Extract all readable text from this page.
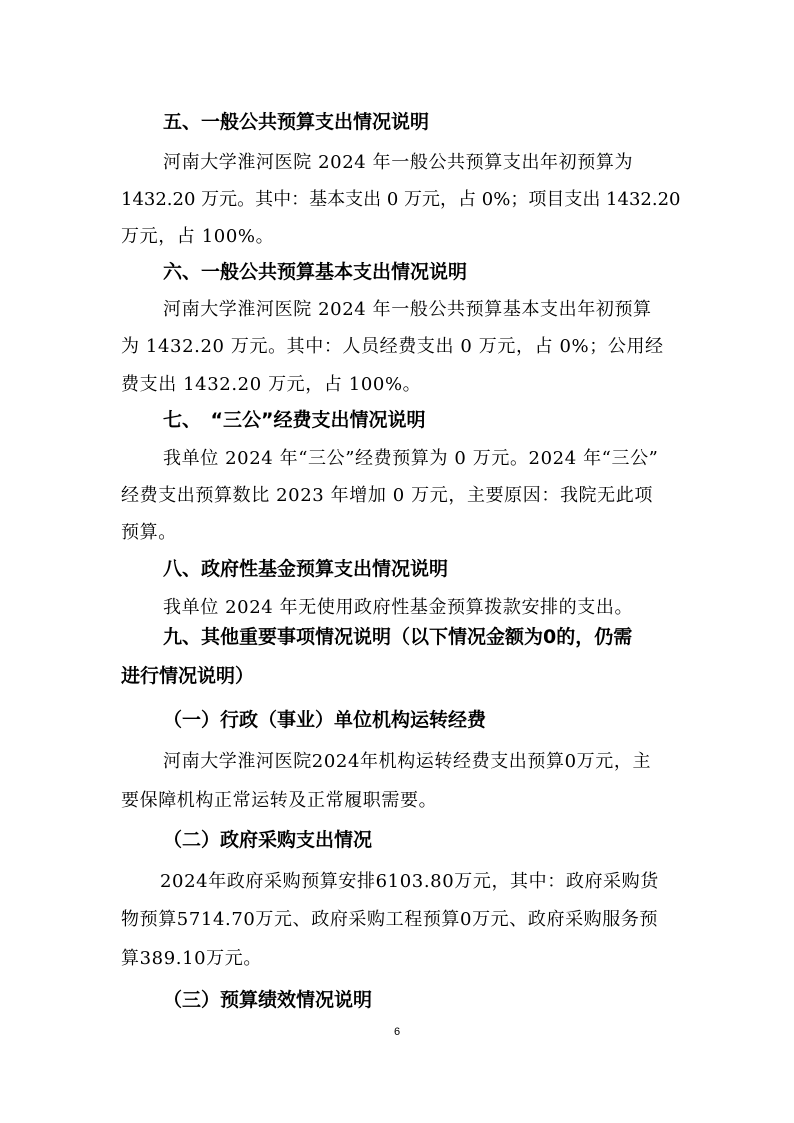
五、一般公共预算支出情况说明
河南大学淮河医院 2024 年一般公共预算支出年初预算为
1432.20 万元。其中：基本支出 0 万元，占 0%；项目支出 1432.20
万元，占 100%。
六、一般公共预算基本支出情况说明
河南大学淮河医院 2024 年一般公共预算基本支出年初预算
为 1432.20 万元。其中：人员经费支出 0 万元，占 0%；公用经
费支出 1432.20 万元，占 100%。
七、　“三公”经费支出情况说明
我单位 2024 年“三公”经费预算为 0 万元。2024 年“三公”
经费支出预算数比 2023 年增加 0 万元，主要原因：我院无此项
预算。
八、政府性基金预算支出情况说明
我单位 2024 年无使用政府性基金预算拨款安排的支出。
九、其他重要事项情况说明（以下情况金额为0的，仍需
进行情况说明）
（一）行政（事业）单位机构运转经费
河南大学淮河医院2024年机构运转经费支出预算0万元，主
要保障机构正常运转及正常履职需要。
（二）政府采购支出情况
2024年政府采购预算安排6103.80万元，其中：政府采购货
物预算5714.70万元、政府采购工程预算0万元、政府采购服务预
算389.10万元。
（三）预算绩效情况说明
6
